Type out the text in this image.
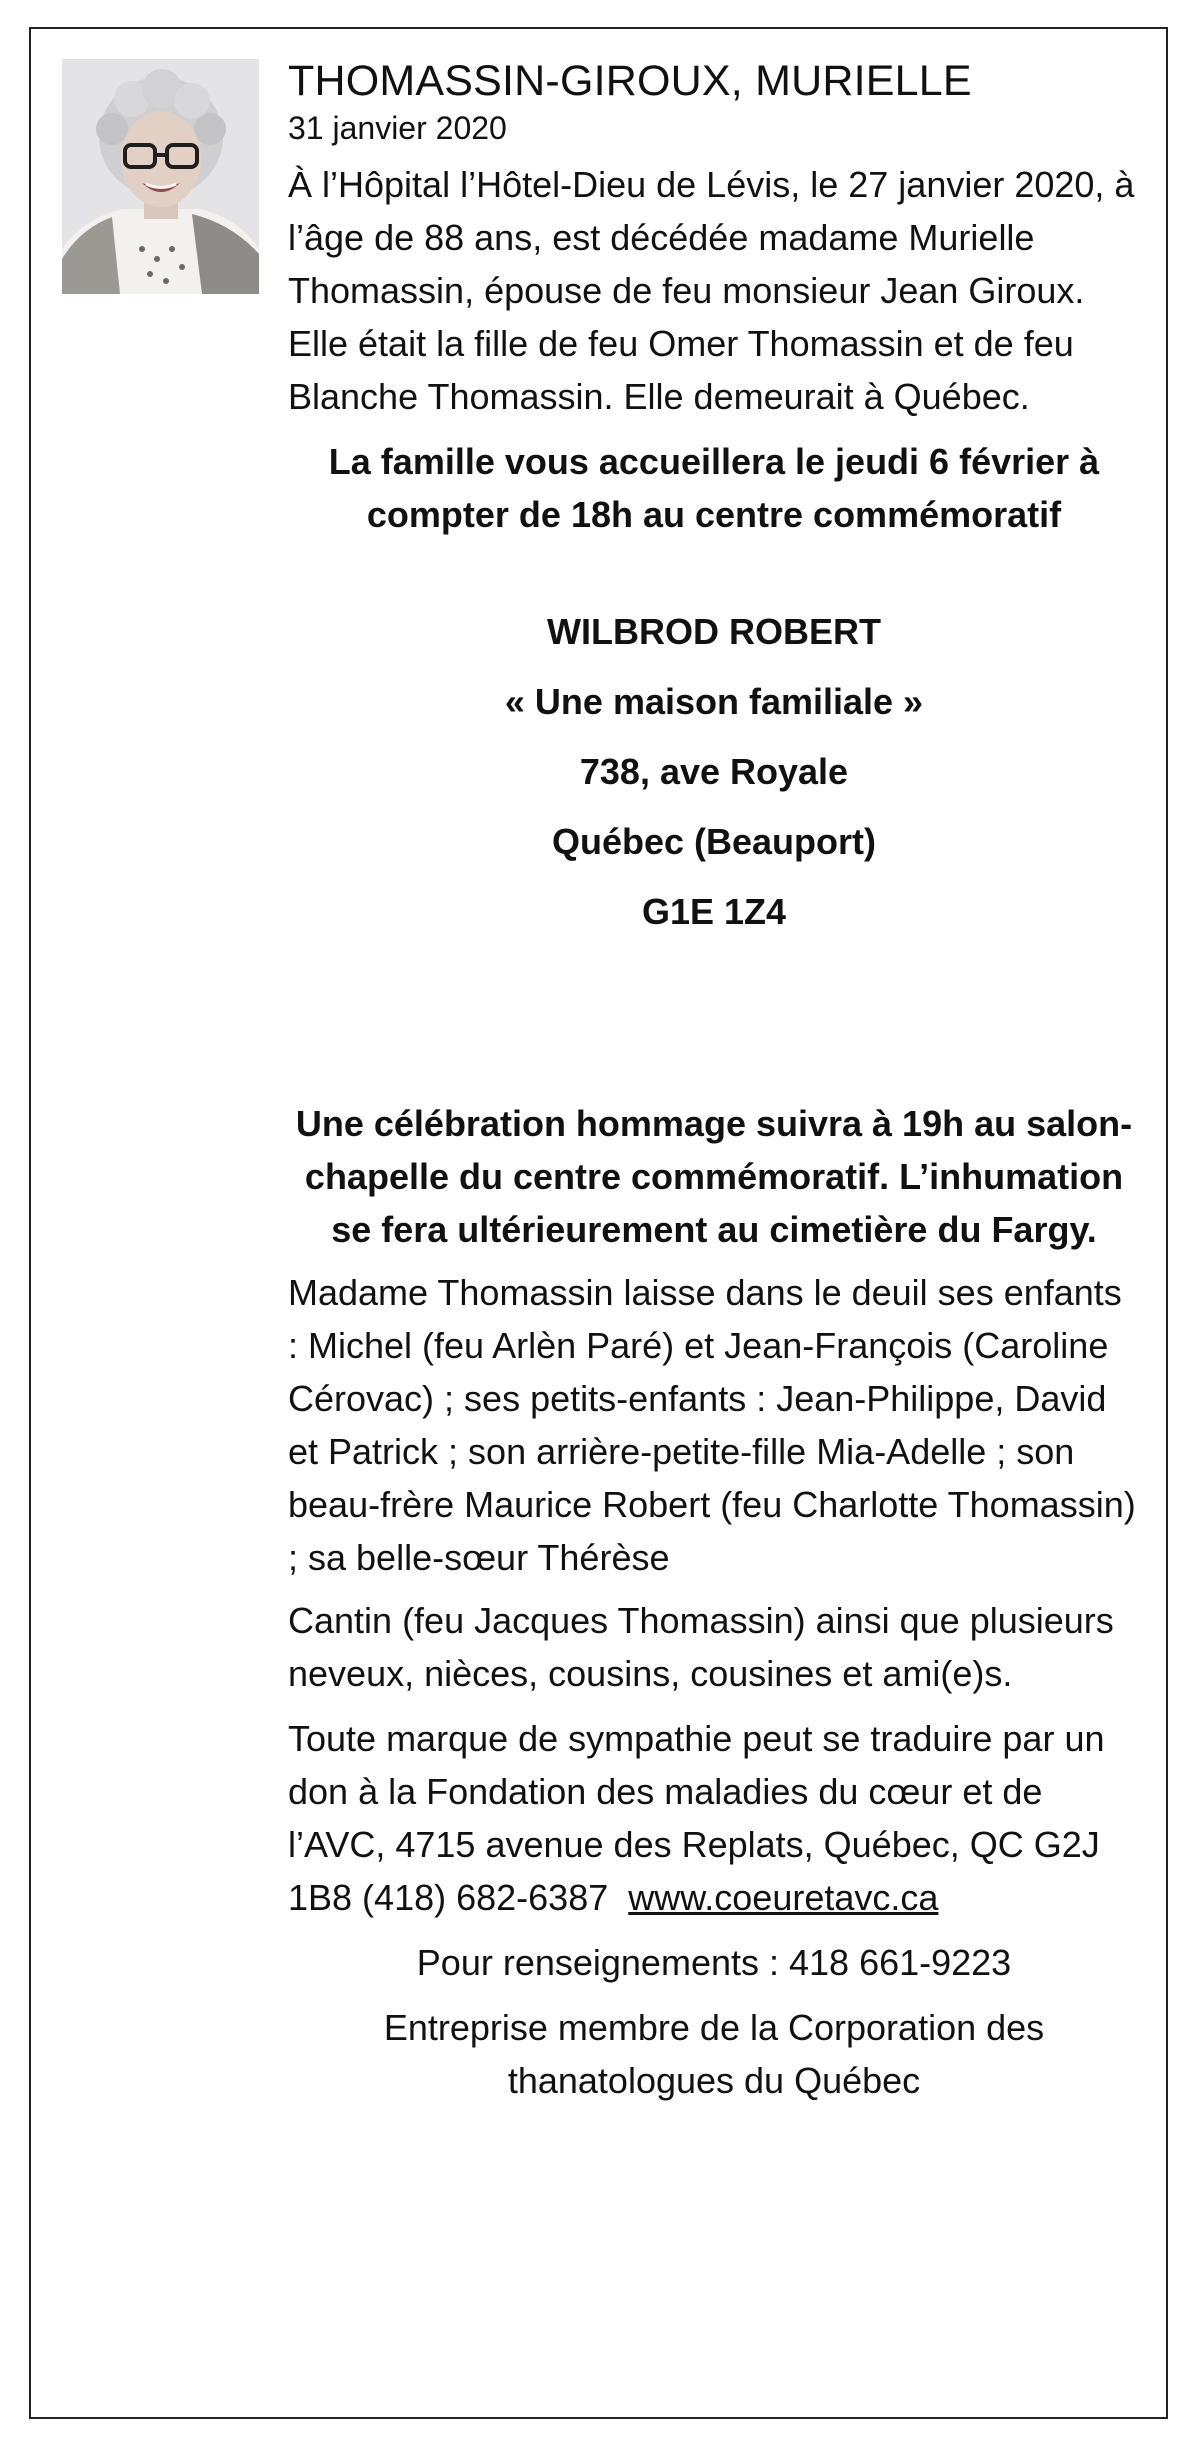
THOMASSIN-GIROUX, MURIELLE
31 janvier 2020

À l’Hôpital l’Hôtel-Dieu de Lévis, le 27 janvier 2020, à l’âge de 88 ans, est décédée madame Murielle Thomassin, épouse de feu monsieur Jean Giroux. Elle était la fille de feu Omer Thomassin et de feu Blanche Thomassin. Elle demeurait à Québec.

La famille vous accueillera le jeudi 6 février à compter de 18h au centre commémoratif

WILBROD ROBERT
« Une maison familiale »
738, ave Royale
Québec (Beauport)
G1E 1Z4

Une célébration hommage suivra à 19h au salon-chapelle du centre commémoratif. L’inhumation se fera ultérieurement au cimetière du Fargy.

Madame Thomassin laisse dans le deuil ses enfants : Michel (feu Arlèn Paré) et Jean-François (Caroline Cérovac) ; ses petits-enfants : Jean-Philippe, David et Patrick ; son arrière-petite-fille Mia-Adelle ; son beau-frère Maurice Robert (feu Charlotte Thomassin) ; sa belle-sœur Thérèse

Cantin (feu Jacques Thomassin) ainsi que plusieurs neveux, nièces, cousins, cousines et ami(e)s.

Toute marque de sympathie peut se traduire par un don à la Fondation des maladies du cœur et de l’AVC, 4715 avenue des Replats, Québec, QC G2J 1B8 (418) 682-6387 www.coeuretavc.ca

Pour renseignements : 418 661-9223

Entreprise membre de la Corporation des thanatologues du Québec
